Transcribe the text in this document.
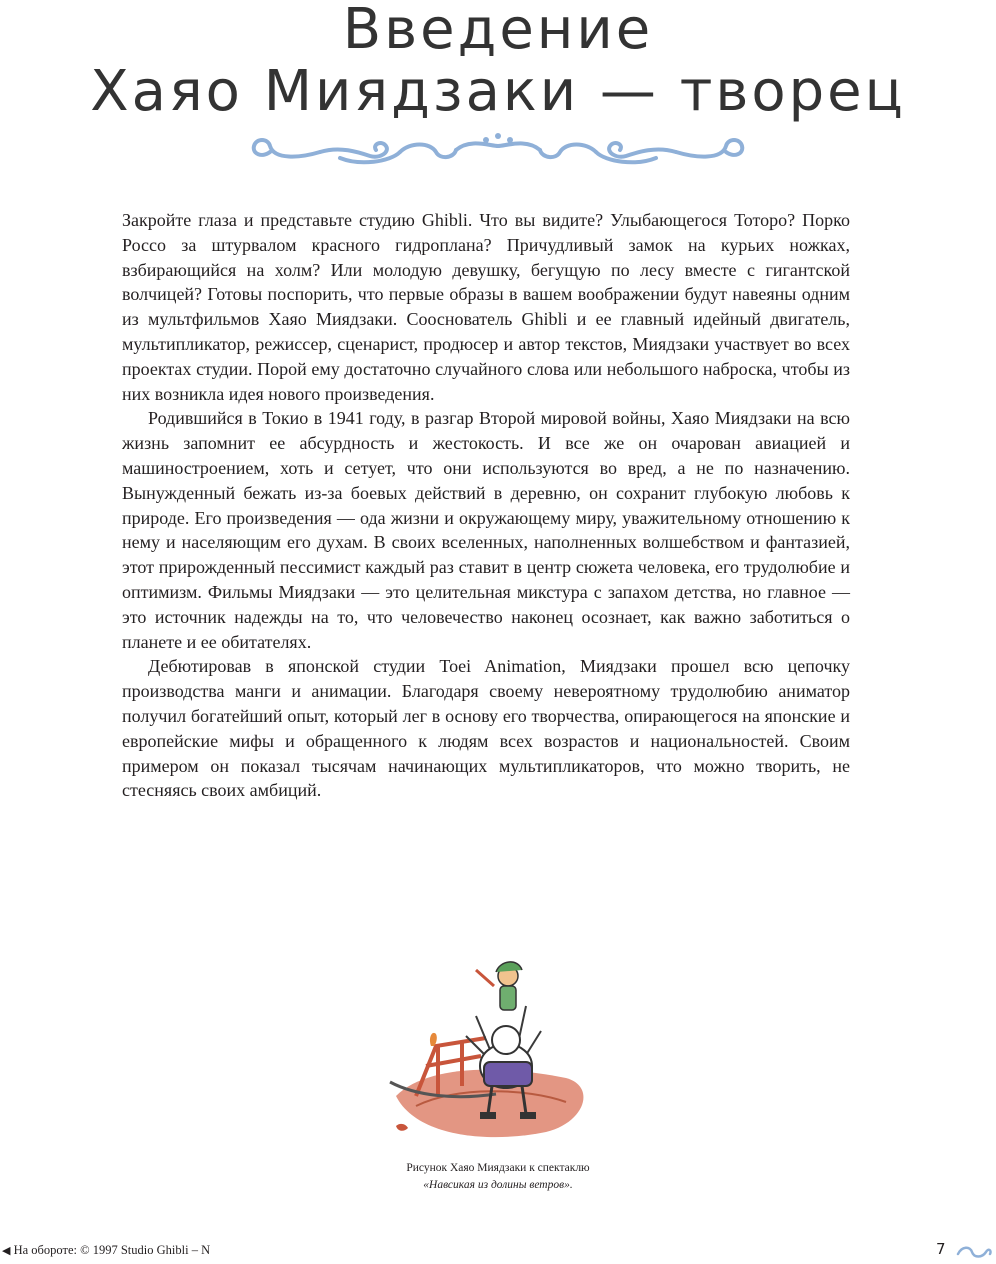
Введение
Хаяо Миядзаки — творец

Закройте глаза и представьте студию Ghibli. Что вы видите? Улыбающегося Тоторо? Порко Россо за штурвалом красного гидроплана? Причудливый замок на курьих ножках, взбирающийся на холм? Или молодую девушку, бегущую по лесу вместе с гигантской волчицей? Готовы поспорить, что первые образы в вашем воображении будут навеяны одним из мультфильмов Хаяо Миядзаки. Сооснователь Ghibli и ее главный идейный двигатель, мультипликатор, режиссер, сценарист, продюсер и автор текстов, Миядзаки участвует во всех проектах студии. Порой ему достаточно случайного слова или небольшого наброска, чтобы из них возникла идея нового произведения.

Родившийся в Токио в 1941 году, в разгар Второй мировой войны, Хаяо Миядзаки на всю жизнь запомнит ее абсурдность и жестокость. И все же он очарован авиацией и машиностроением, хоть и сетует, что они используются во вред, а не по назначению. Вынужденный бежать из-за боевых действий в деревню, он сохранит глубокую любовь к природе. Его произведения — ода жизни и окружающему миру, уважительному отношению к нему и населяющим его духам. В своих вселенных, наполненных волшебством и фантазией, этот прирожденный пессимист каждый раз ставит в центр сюжета человека, его трудолюбие и оптимизм. Фильмы Миядзаки — это целительная микстура с запахом детства, но главное — это источник надежды на то, что человечество наконец осознает, как важно заботиться о планете и ее обитателях.

Дебютировав в японской студии Toei Animation, Миядзаки прошел всю цепочку производства манги и анимации. Благодаря своему невероятному трудолюбию аниматор получил богатейший опыт, который лег в основу его творчества, опирающегося на японские и европейские мифы и обращенного к людям всех возрастов и национальностей. Своим примером он показал тысячам начинающих мультипликаторов, что можно творить, не стесняясь своих амбиций.

Рисунок Хаяо Миядзаки к спектаклю
«Навсикая из долины ветров».
◀ На обороте: © 1997 Studio Ghibli – N	7
